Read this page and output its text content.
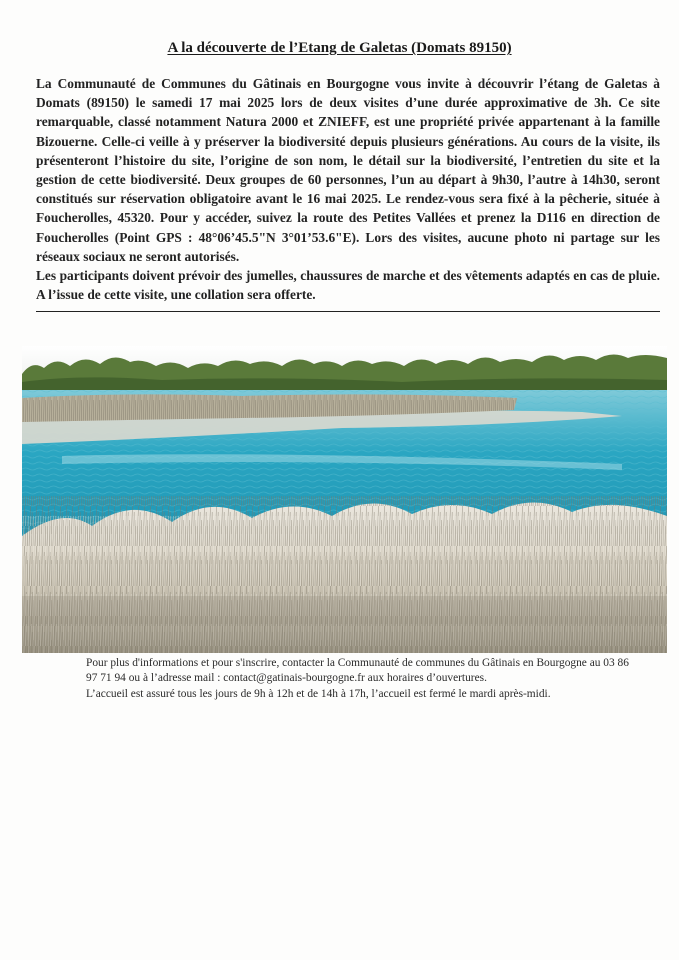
A la découverte de l’Etang de Galetas (Domats 89150)

La Communauté de Communes du Gâtinais en Bourgogne vous invite à découvrir l’étang de Galetas à Domats (89150) le samedi 17 mai 2025 lors de deux visites d’une durée approximative de 3h. Ce site remarquable, classé notamment Natura 2000 et ZNIEFF, est une propriété privée appartenant à la famille Bizouerne. Celle-ci veille à y préserver la biodiversité depuis plusieurs générations. Au cours de la visite, ils présenteront l’histoire du site, l’origine de son nom, le détail sur la biodiversité, l’entretien du site et la gestion de cette biodiversité. Deux groupes de 60 personnes, l’un au départ à 9h30, l’autre à 14h30, seront constitués sur réservation obligatoire avant le 16 mai 2025. Le rendez-vous sera fixé à la pêcherie, située à Foucherolles, 45320. Pour y accéder, suivez la route des Petites Vallées et prenez la D116 en direction de Foucherolles (Point GPS : 48°06’45.5"N 3°01’53.6"E). Lors des visites, aucune photo ni partage sur les réseaux sociaux ne seront autorisés.

Les participants doivent prévoir des jumelles, chaussures de marche et des vêtements adaptés en cas de pluie. A l’issue de cette visite, une collation sera offerte.

Pour plus d'informations et pour s'inscrire, contacter la Communauté de communes du Gâtinais en Bourgogne au 03 86 97 71 94 ou à l’adresse mail : contact@gatinais-bourgogne.fr aux horaires d’ouvertures.

L’accueil est assuré tous les jours de 9h à 12h et de 14h à 17h, l’accueil est fermé le mardi après-midi.
